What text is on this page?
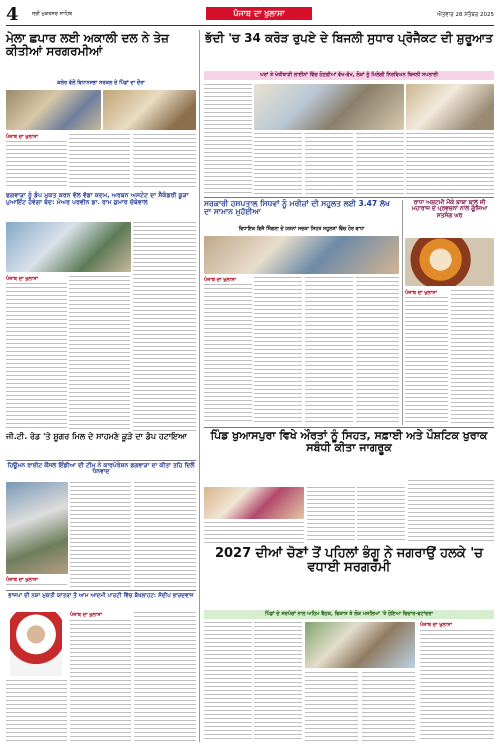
4	ਸ੍ਰੀ ਮੁਕਤਸਰ ਸਾਹਿਬ	ਪੰਜਾਬ ਦਾ ਖੁਲਾਸਾ	ਐਤਵਾਰ 28 ਸਤੰਬਰ 2025
ਮੇਲਾ ਛਪਾਰ ਲਈ ਅਕਾਲੀ ਦਲ ਨੇ ਤੇਜ਼ ਕੀਤੀਆਂ ਸਰਗਰਮੀਆਂ
ਕਲੇਰ ਵੱਲੋਂ ਵਿਧਾਨਸਭਾ ਸਰਕਲ ਦੇ ਪਿੰਡਾਂ ਦਾ ਦੌਰਾ
ਪੰਜਾਬ ਦਾ ਖੁਲਾਸਾ
ਫਗਵਾੜਾ ਨੂੰ ਡੰਪ ਮੁਕਤ ਕਰਨ ਵੱਲ ਵੱਡਾ ਕਦਮ, ਅਰਬਨ ਅਸਟੇਟ ਦਾ ਸੈਕੰਡਰੀ ਕੂੜਾ ਪੁਆਇੰਟ ਹੋਵੇਗਾ ਬੰਦ: ਮੇਅਰ ਪਰਵੀਨ ਡਾ. ਰਾਮ ਕੁਮਾਰ ਚੱਬੇਵਾਲ
ਪੰਜਾਬ ਦਾ ਖੁਲਾਸਾ
ਜੀ.ਟੀ. ਰੋਡ 'ਤੇ ਸ਼ੂਗਰ ਮਿਲ ਦੇ ਸਾਹਮਣੇ ਕੂੜੇ ਦਾ ਡੰਪ ਹਟਾਇਆ
ਹਿਊਮਨ ਰਾਈਟ ਕੌਂਸਲ ਇੰਡੀਆ ਦੀ ਟੀਮ ਨੇ ਕਾਰਪੋਰੇਸ਼ਨ ਫਗਵਾੜਾ ਦਾ ਕੀਤਾ ਤਹਿ ਦਿਲੋਂ ਧੰਨਵਾਦ
ਪੰਜਾਬ ਦਾ ਖੁਲਾਸਾ
ਭਾਜਪਾ ਦੀ ਨਸ਼ਾ ਮੁਕਤੀ ਯਾਤਰਾ ਤੋਂ ਆਮ ਆਦਮੀ ਪਾਰਟੀ ਵਿੱਚ ਬੌਖਲਾਹਟ: ਸੰਦੀਪ ਭਾਰਦਵਾਜ
ਪੰਜਾਬ ਦਾ ਖੁਲਾਸਾ
ਭੱਦੀ 'ਚ 34 ਕਰੋੜ ਰੁਪਏ ਦੇ ਬਿਜਲੀ ਸੁਧਾਰ ਪ੍ਰੋਜੈਕਟ ਦੀ ਸ਼ੁਰੂਆਤ
ਘਰਾਂ ਤੇ ਖੇਤੀਬਾੜੀ ਲਾਈਨਾਂ ਵਿੱਚ ਹੋਣਗੀਆਂ ਵੱਖ-ਵੱਖ, ਲੋਕਾਂ ਨੂੰ ਮਿਲੇਗੀ ਨਿਰਵਿਘਨ ਬਿਜਲੀ ਸਪਲਾਈ
ਸਰਕਾਰੀ ਹਸਪਤਾਲ ਸਿਧਵਾਂ ਨੂੰ ਮਰੀਜ਼ਾਂ ਦੀ ਸਹੂਲਤ ਲਈ 3.47 ਲੱਖ ਦਾ ਸਾਮਾਨ ਮੁਹੱਈਆ
ਵਿਧਾਇਕ ਵਿਜੈ ਸਿੰਗਲਾ ਦੇ ਯਤਨਾਂ ਸਦਕਾ ਸਿਹਤ ਸਹੂਲਤਾਂ ਵਿੱਚ ਹੋਰ ਵਾਧਾ
ਪੰਜਾਬ ਦਾ ਖੁਲਾਸਾ
ਰਾਧਾ ਅਸ਼ਟਮੀ ਮੌਕੇ ਬਾਬਾ ਬਾਲ ਜੀ ਮਹਾਰਾਜ ਦੇ ਪ੍ਰਵਚਨਾਂ ਨਾਲ ਗੂੰਜਿਆ ਸਤਸੰਗ ਘਰ
ਪੰਜਾਬ ਦਾ ਖੁਲਾਸਾ
ਪਿੰਡ ਖੁਆਸਪੁਰਾ ਵਿਖੇ ਔਰਤਾਂ ਨੂੰ ਸਿਹਤ, ਸਫ਼ਾਈ ਅਤੇ ਪੌਸ਼ਟਿਕ ਖੁਰਾਕ ਸਬੰਧੀ ਕੀਤਾ ਜਾਗਰੂਕ
2027 ਦੀਆਂ ਚੋਣਾਂ ਤੋਂ ਪਹਿਲਾਂ ਭੰਗੂ ਨੇ ਜਗਰਾਉਂ ਹਲਕੇ 'ਚ ਵਧਾਈ ਸਰਗਰਮੀ
ਪਿੰਡਾਂ ਦੇ ਸਰਪੰਚਾਂ ਨਾਲ ਅਹਿਮ ਬੈਠਕ, ਵਿਕਾਸ ਤੇ ਲੋਕ ਮਸਲਿਆਂ 'ਤੇ ਹੋਇਆ ਵਿਚਾਰ-ਵਟਾਂਦਰਾ
ਪੰਜਾਬ ਦਾ ਖੁਲਾਸਾ
